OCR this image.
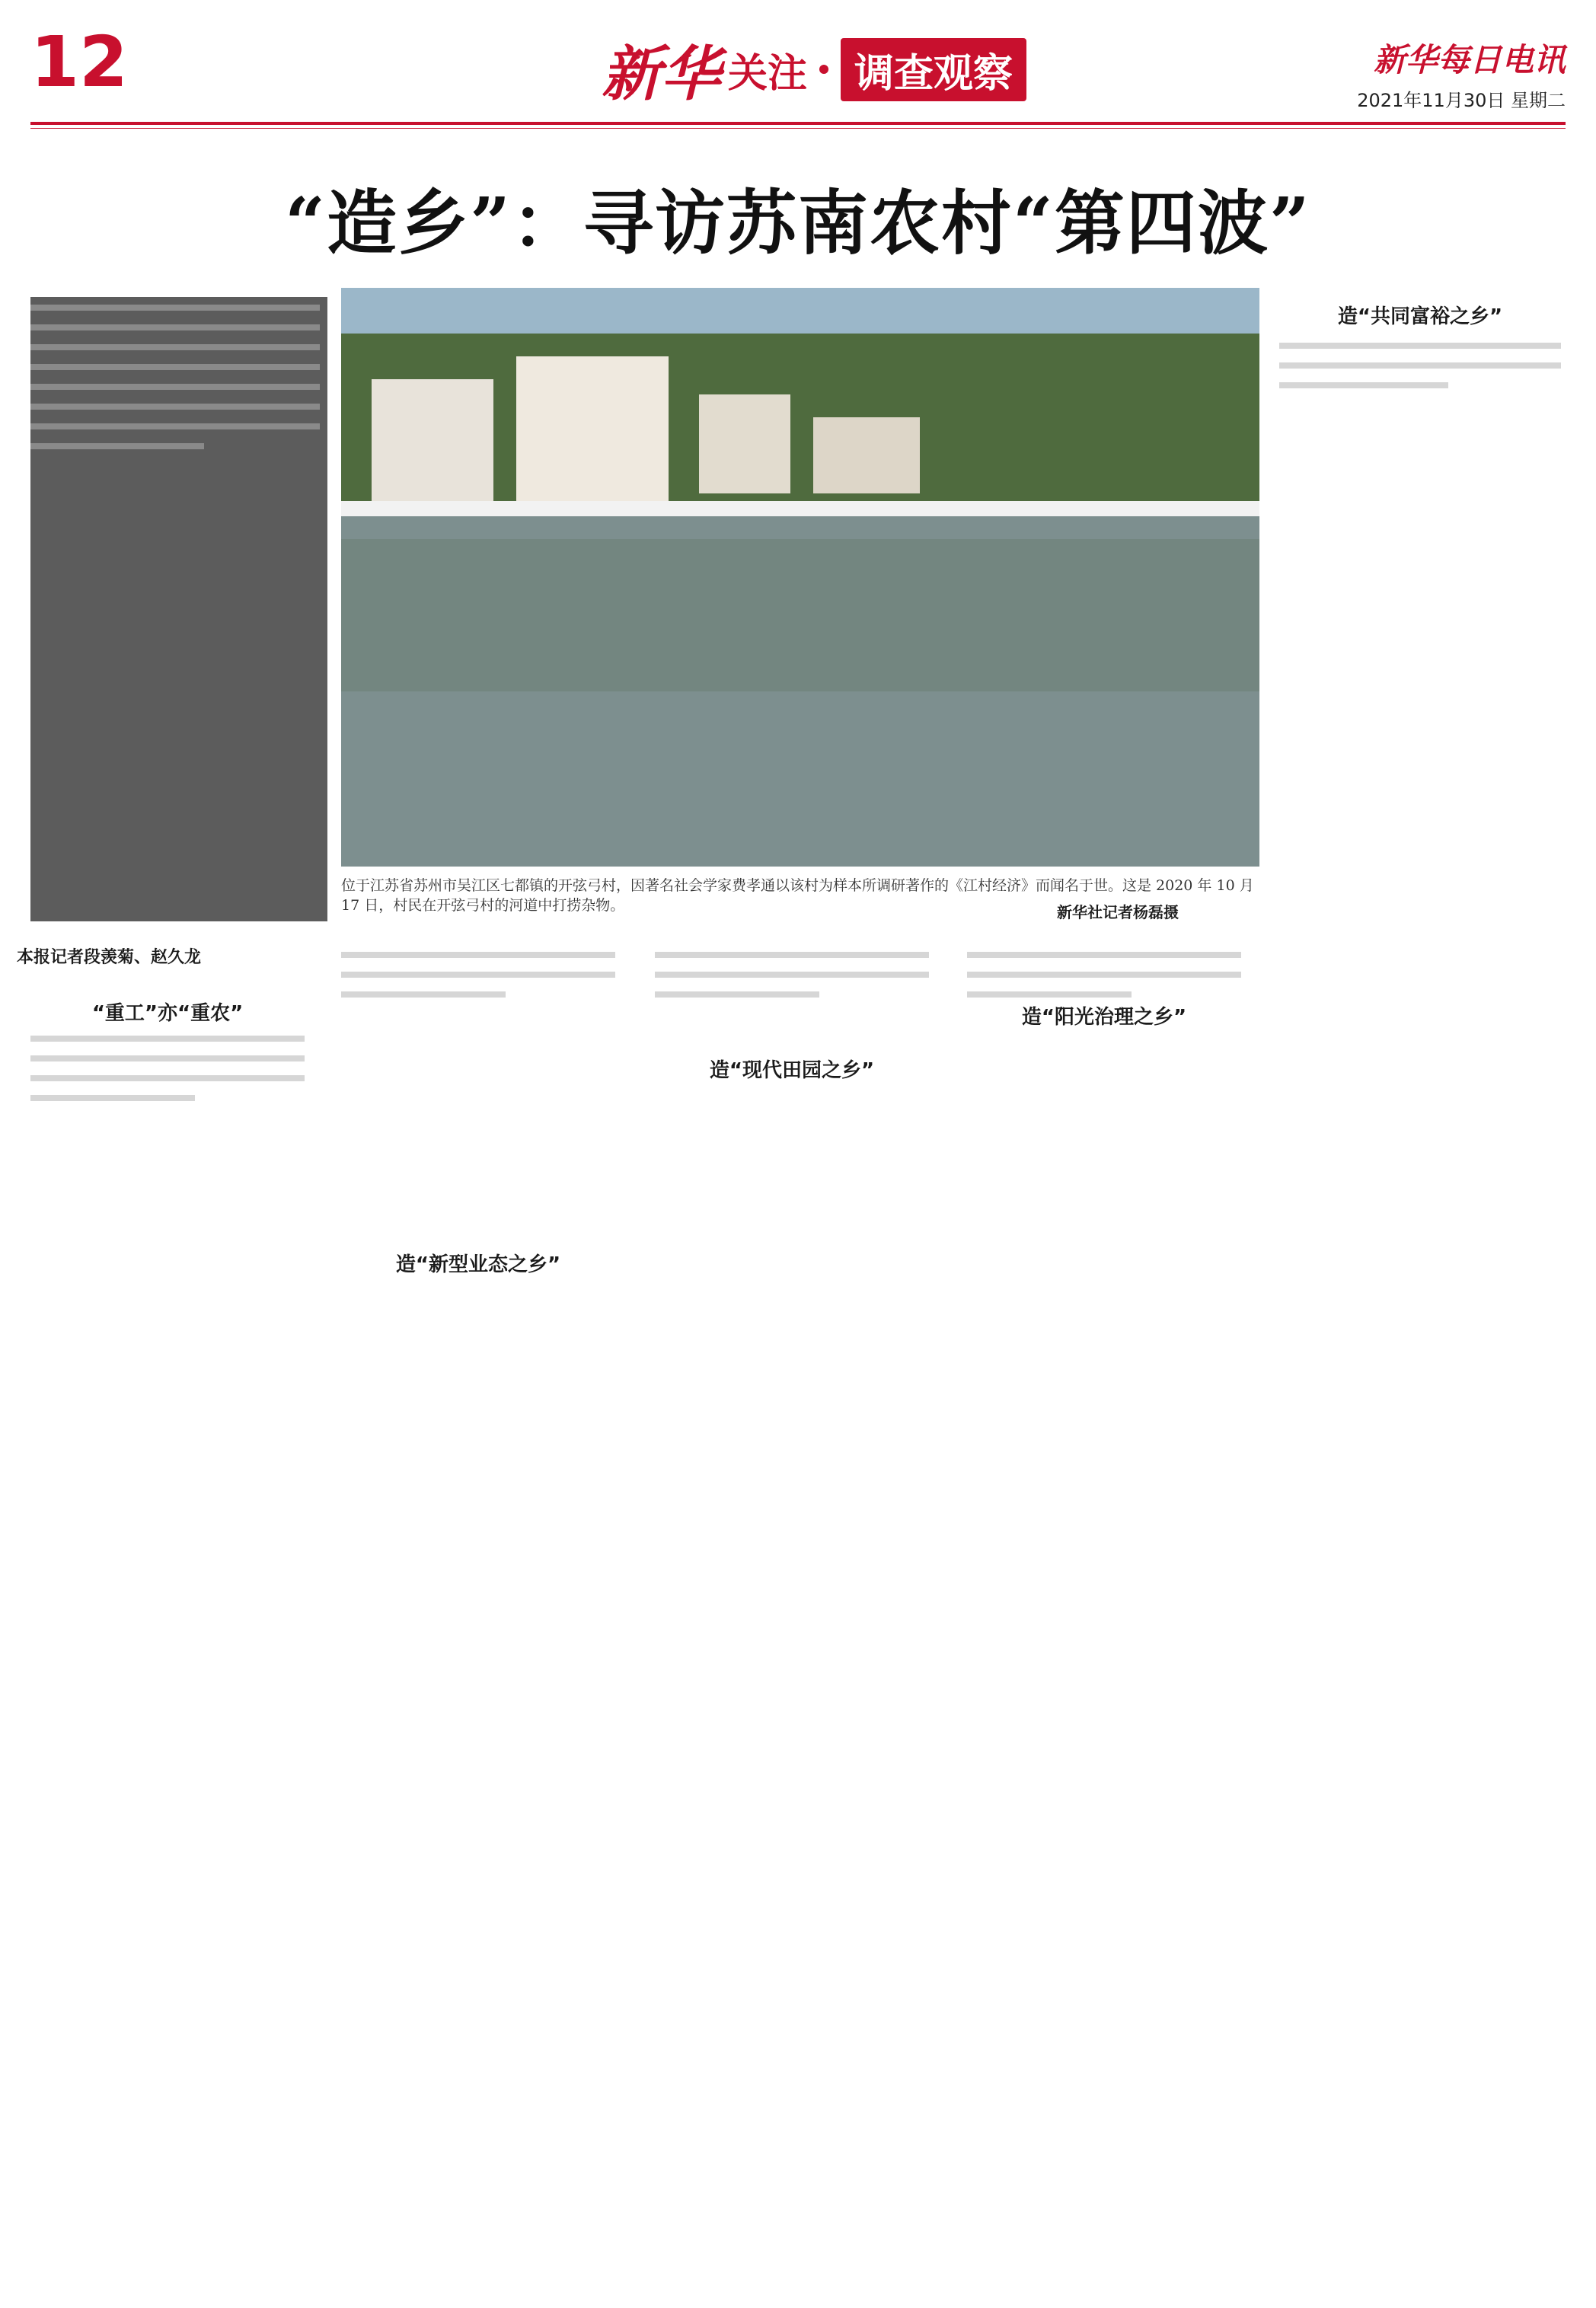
12	新华 关注	调查观察	新华每日电讯
2021年11月30日 星期二
“造乡”：寻访苏南农村“第四波”
本报记者段羡菊、赵久龙
位于江苏省苏州市吴江区七都镇的开弦弓村，因著名社会学家费孝通以该村为样本所调研著作的《江村经济》而闻名于世。这是 2020 年 10 月 17 日，村民在开弦弓村的河道中打捞杂物。	新华社记者杨磊摄
“重工”亦“重农”
造“新型业态之乡”
造“现代田园之乡”
造“阳光治理之乡”
造“共同富裕之乡”
